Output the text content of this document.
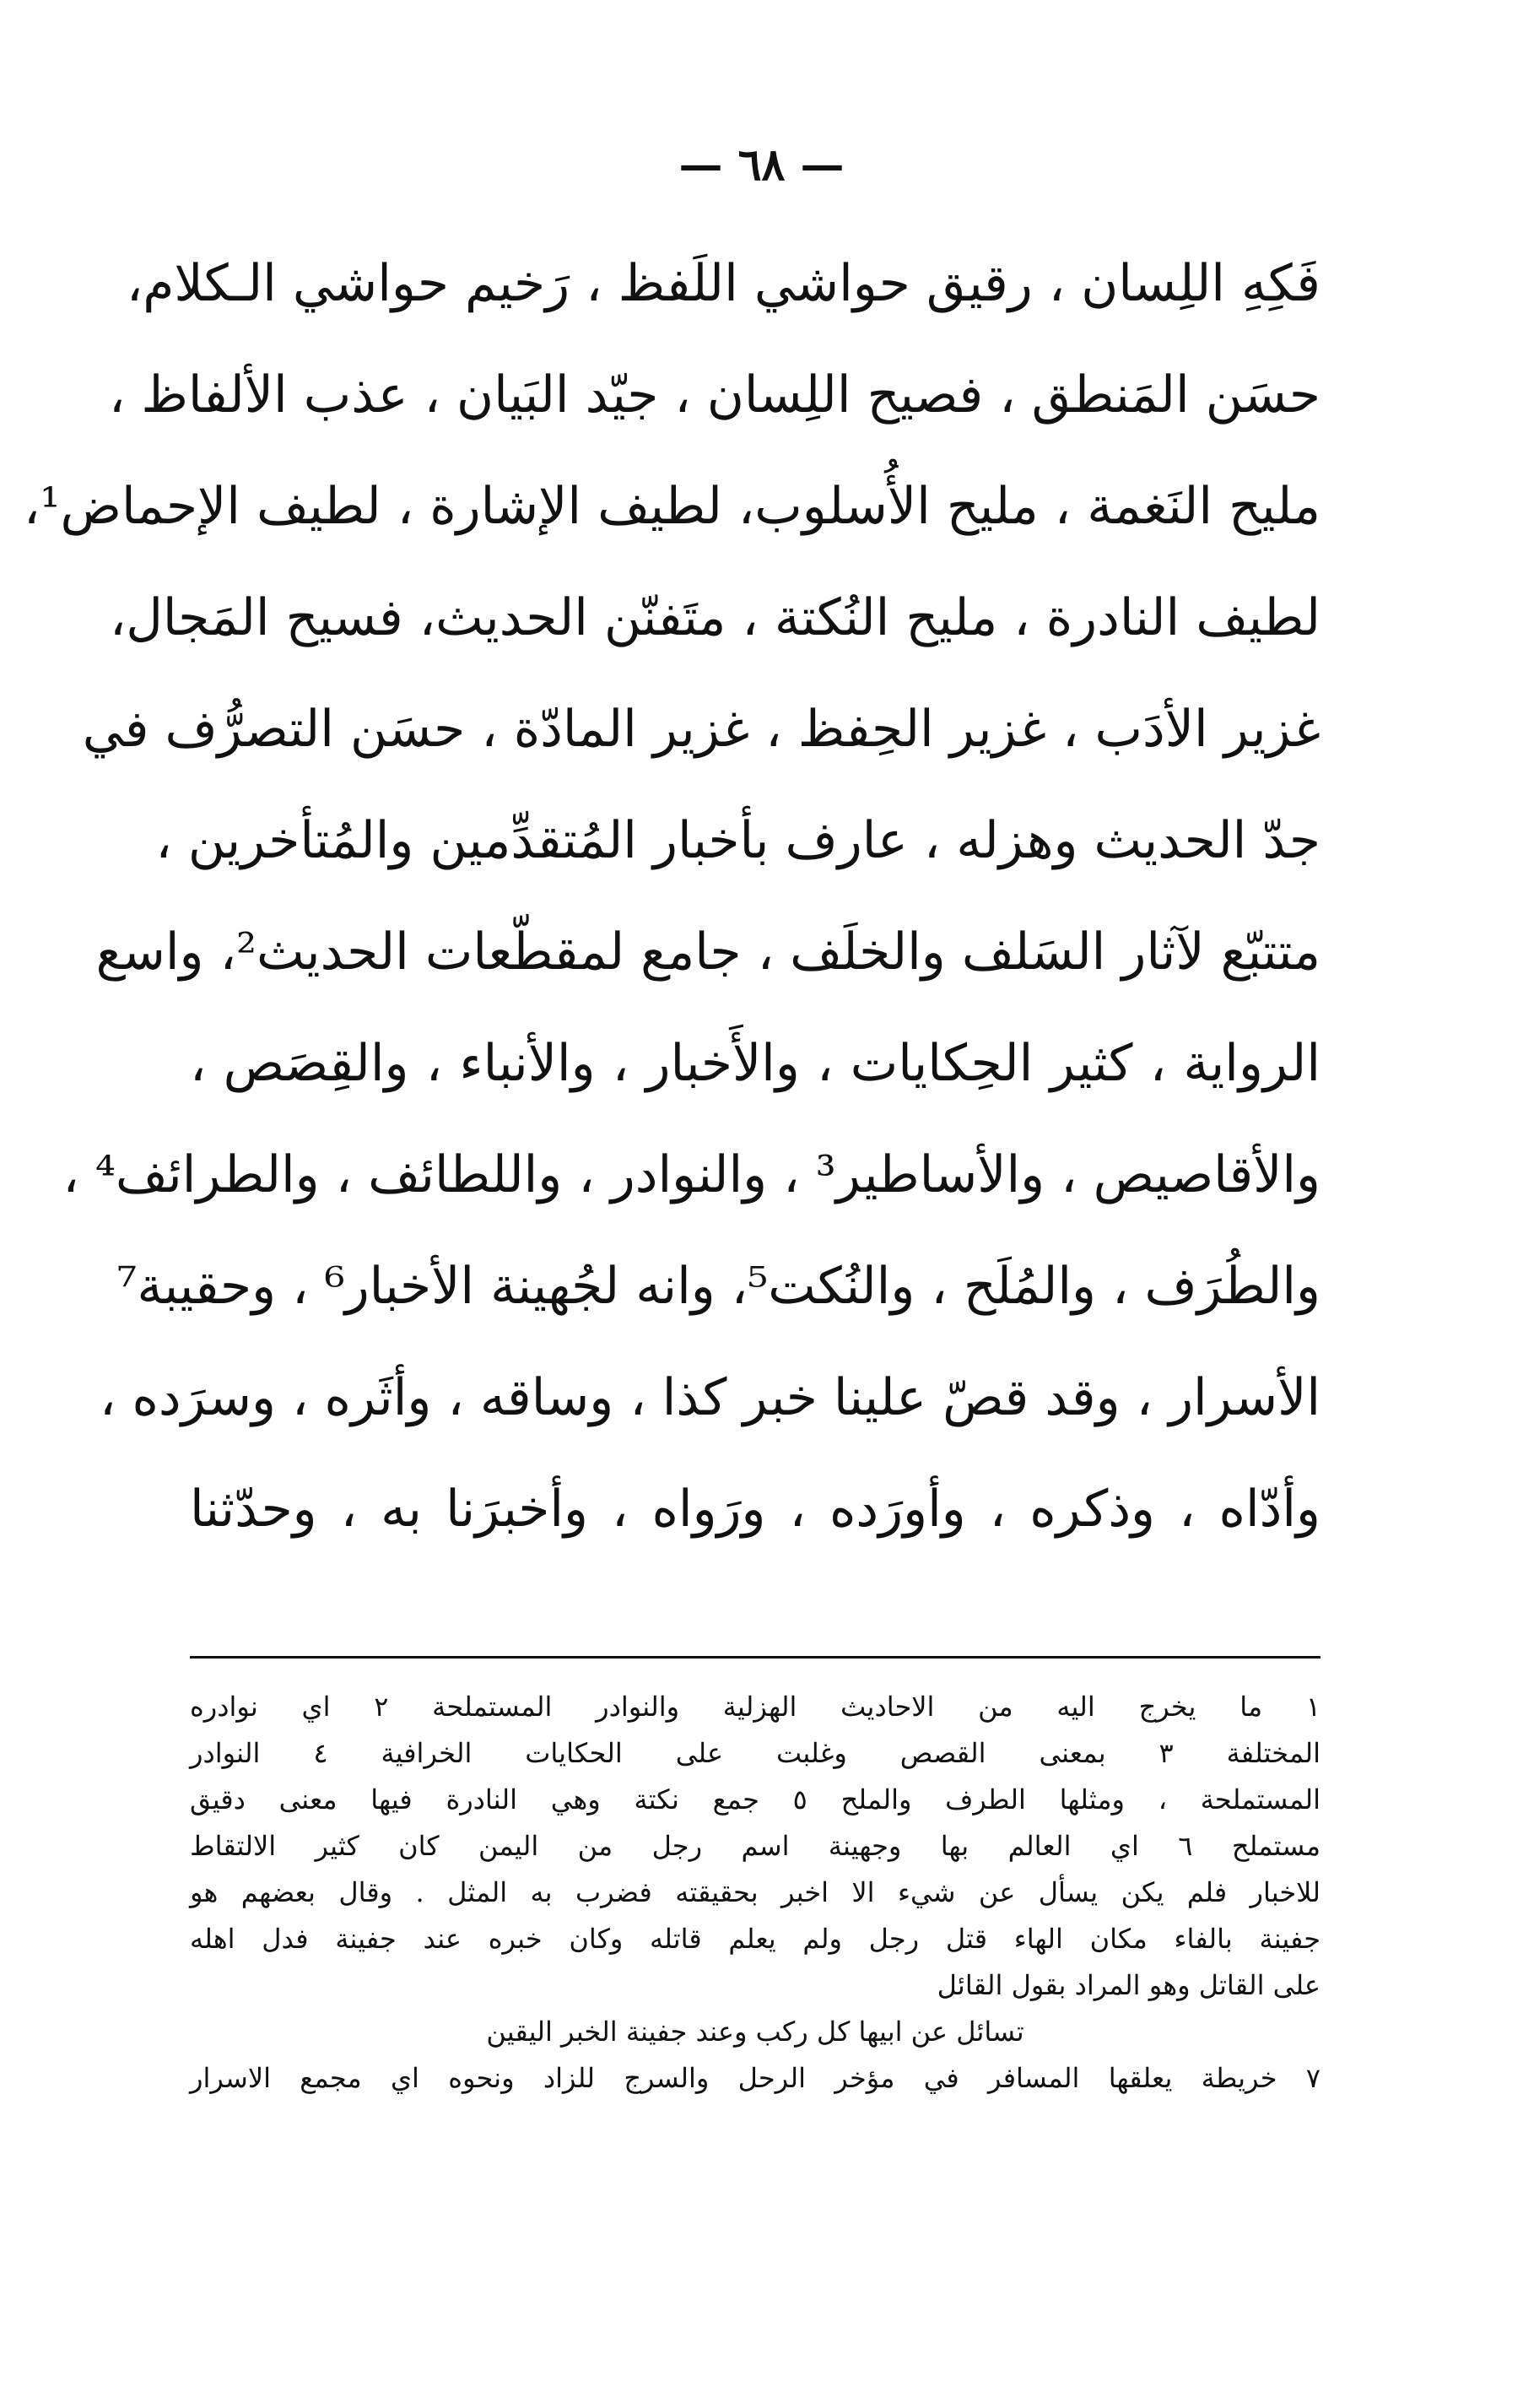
— ٦٨ —
فَكِهِ اللِسان ، رقيق حواشي اللَفظ ، رَخيم حواشي الـكلام،
حسَن المَنطق ، فصيح اللِسان ، جيّد البَيان ، عذب الألفاظ ،
مليح النَغمة ، مليح الأُسلوب، لطيف الإشارة ، لطيف الإحماض¹،
لطيف النادرة ، مليح النُكتة ، متَفنّن الحديث، فسيح المَجال،
غزير الأدَب ، غزير الحِفظ ، غزير المادّة ، حسَن التصرُّف في
جدّ الحديث وهزله ، عارف بأخبار المُتقدِّمين والمُتأخرين ،
متتبّع لآثار السَلف والخلَف ، جامع لمقطّعات الحديث²، واسع
الرواية ، كثير الحِكايات ، والأَخبار ، والأنباء ، والقِصَص ،
والأقاصيص ، والأساطير³ ، والنوادر ، واللطائف ، والطرائف⁴ ،
والطُرَف ، والمُلَح ، والنُكت⁵، وانه لجُهينة الأخبار⁶ ، وحقيبة⁷
الأسرار ، وقد قصّ علينا خبر كذا ، وساقه ، وأثَره ، وسرَده ،
وأدّاه ، وذكره ، وأورَده ، ورَواه ، وأخبرَنا به ، وحدّثنا
١ ما يخرج اليه من الاحاديث الهزلية والنوادر المستملحة ٢ اي نوادره
المختلفة ٣ بمعنى القصص وغلبت على الحكايات الخرافية ٤ النوادر
المستملحة ، ومثلها الطرف والملح ٥ جمع نكتة وهي النادرة فيها معنى دقيق
مستملح ٦ اي العالم بها وجهينة اسم رجل من اليمن كان كثير الالتقاط
للاخبار فلم يكن يسأل عن شيء الا اخبر بحقيقته فضرب به المثل . وقال بعضهم هو
جفينة بالفاء مكان الهاء قتل رجل ولم يعلم قاتله وكان خبره عند جفينة فدل اهله
على القاتل وهو المراد بقول القائل
تسائل عن ابيها كل ركب وعند جفينة الخبر اليقين
٧ خريطة يعلقها المسافر في مؤخر الرحل والسرج للزاد ونحوه اي مجمع الاسرار
